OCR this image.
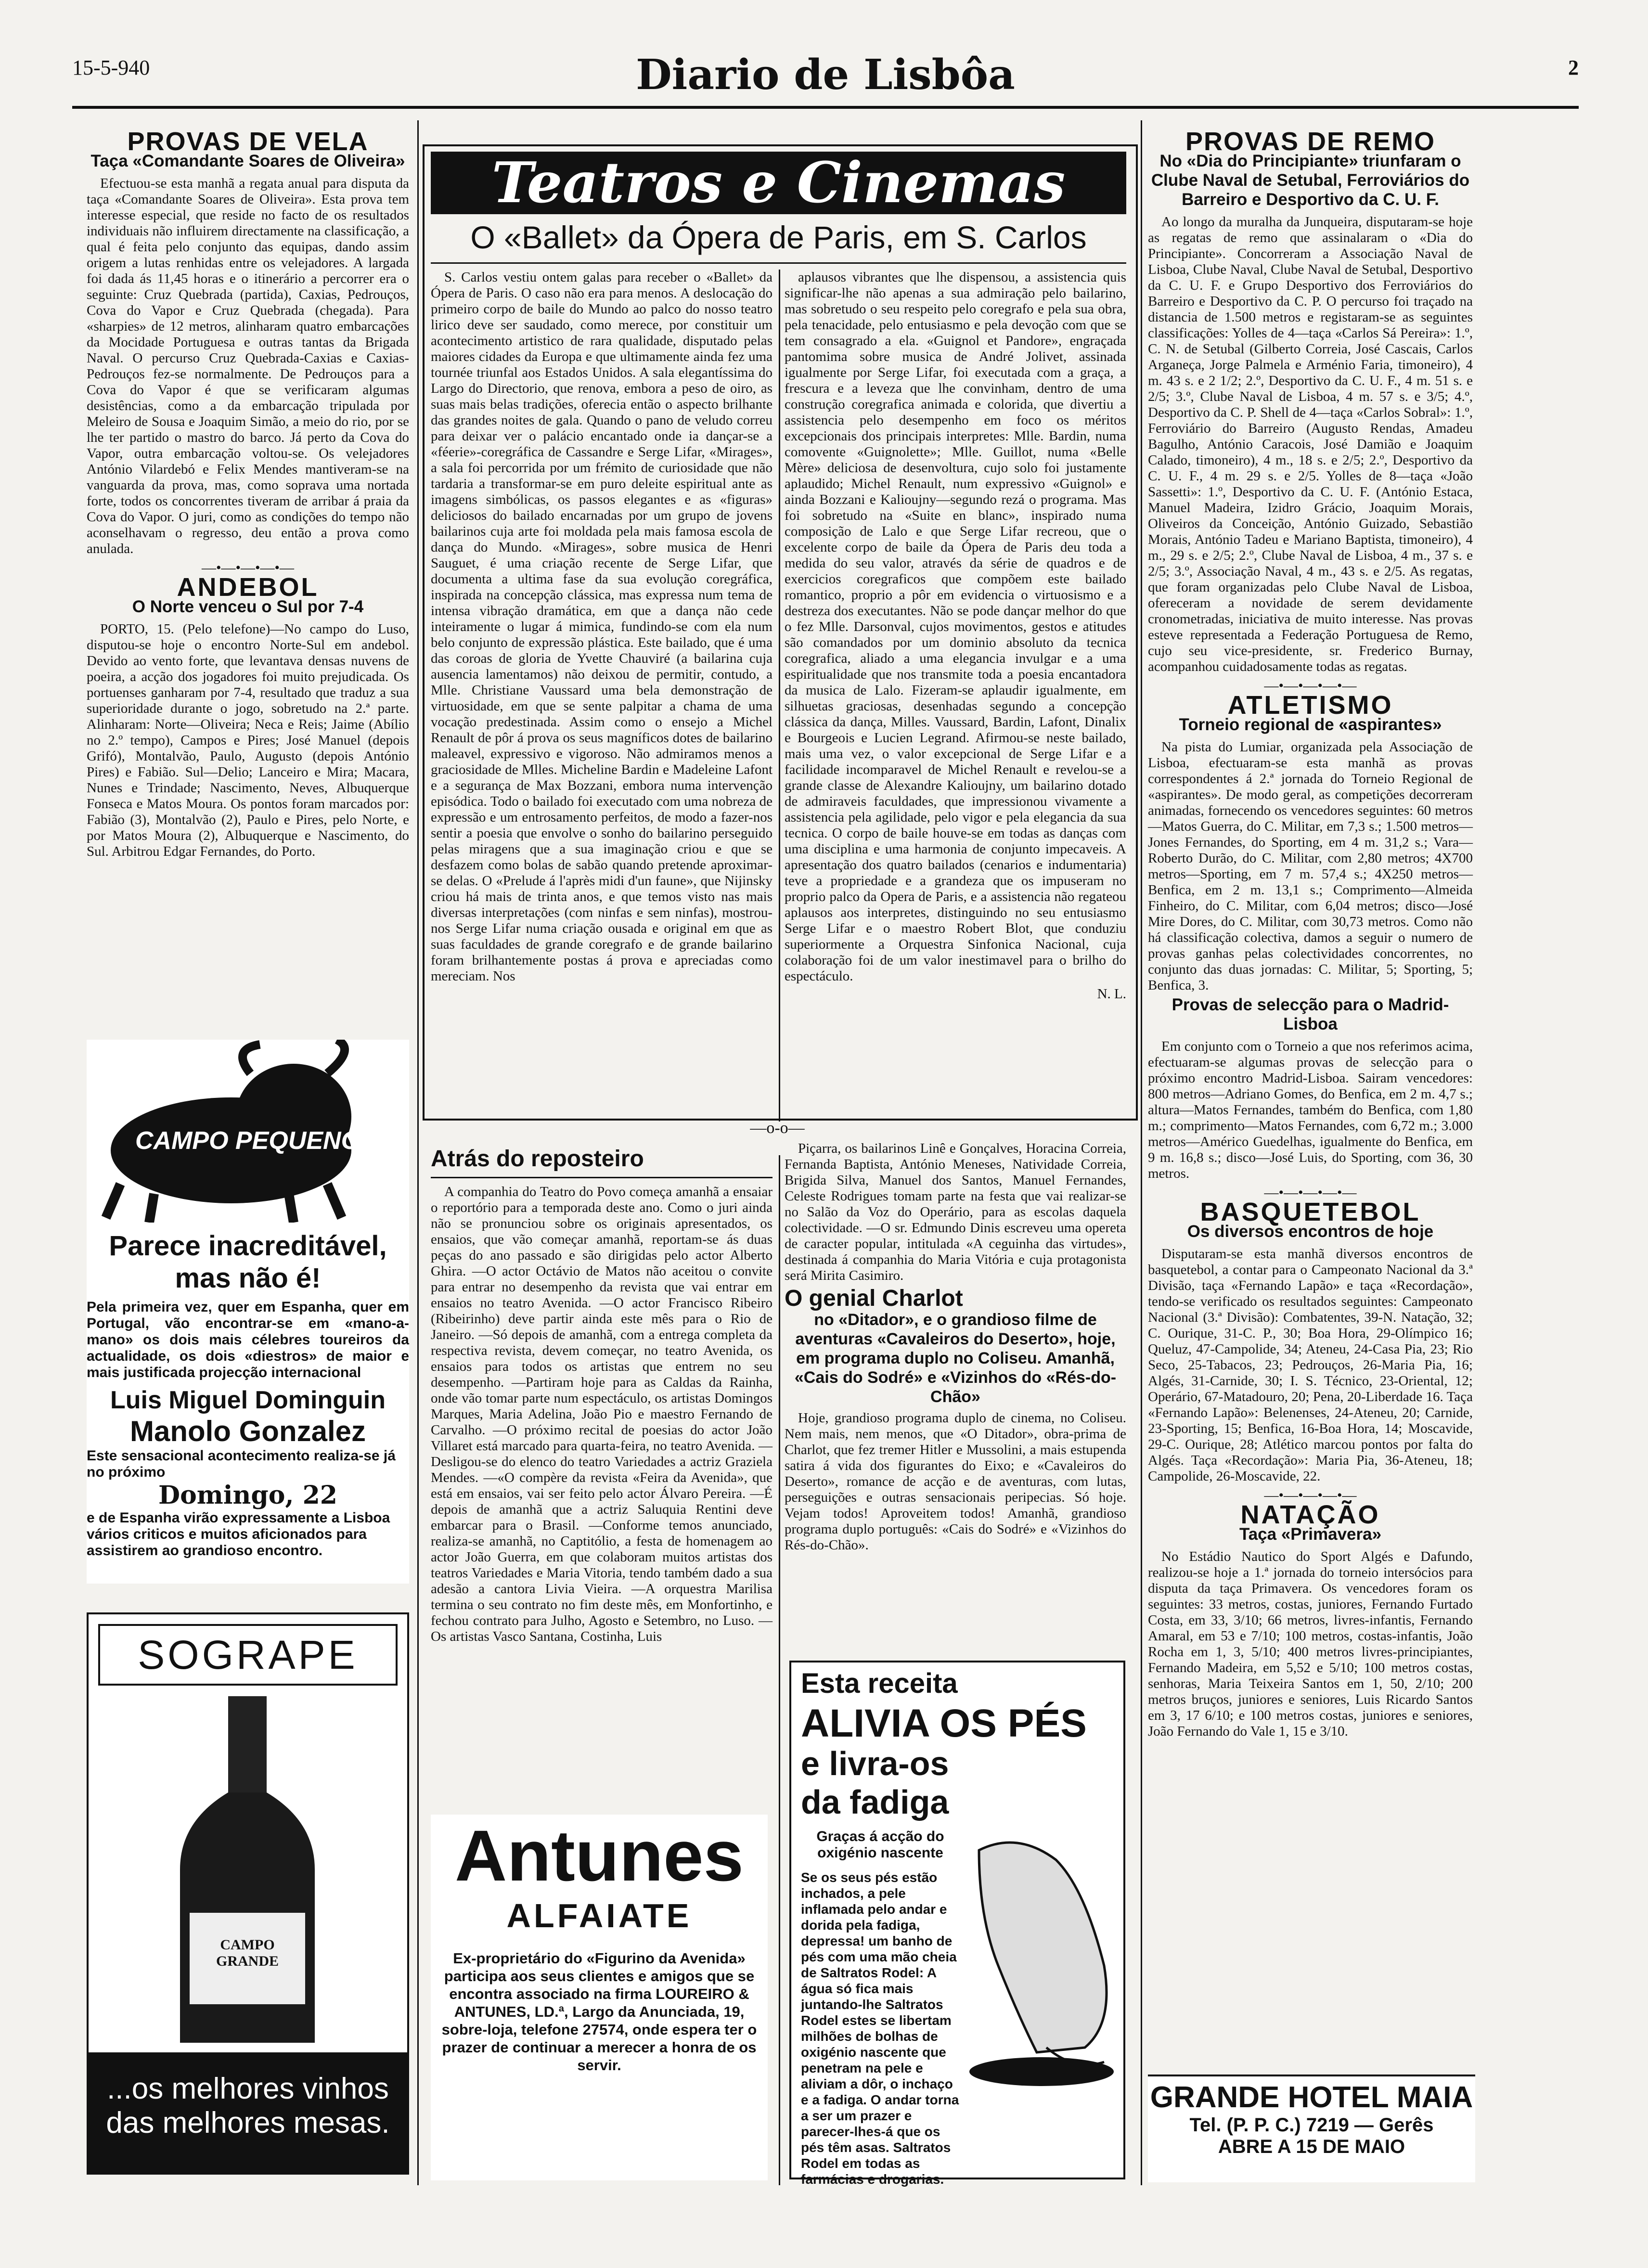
15-5-940	Diario de Lisbôa	2
PROVAS DE VELA
Taça «Comandante Soares de Oliveira»

Efectuou-se esta manhã a regata anual para disputa da taça «Comandante Soares de Oliveira». Esta prova tem interesse especial, que reside no facto de os resultados individuais não influirem directamente na classificação, a qual é feita pelo conjunto das equipas, dando assim origem a lutas renhidas entre os velejadores. A largada foi dada ás 11,45 horas e o itinerário a percorrer era o seguinte: Cruz Quebrada (partida), Caxias, Pedrouços, Cova do Vapor e Cruz Quebrada (chegada). Para «sharpies» de 12 metros, alinharam quatro embarcações da Mocidade Portuguesa e outras tantas da Brigada Naval. O percurso Cruz Quebrada-Caxias e Caxias-Pedrouços fez-se normalmente. De Pedrouços para a Cova do Vapor é que se verificaram algumas desistências, como a da embarcação tripulada por Meleiro de Sousa e Joaquim Simão, a meio do rio, por se lhe ter partido o mastro do barco. Já perto da Cova do Vapor, outra embarcação voltou-se. Os velejadores António Vilardebó e Felix Mendes mantiveram-se na vanguarda da prova, mas, como soprava uma nortada forte, todos os concorrentes tiveram de arribar á praia da Cova do Vapor. O juri, como as condições do tempo não aconselhavam o regresso, deu então a prova como anulada.

—•—•—•—•—
ANDEBOL
O Norte venceu o Sul por 7-4

PORTO, 15. (Pelo telefone)—No campo do Luso, disputou-se hoje o encontro Norte-Sul em andebol. Devido ao vento forte, que levantava densas nuvens de poeira, a acção dos jogadores foi muito prejudicada. Os portuenses ganharam por 7-4, resultado que traduz a sua superioridade durante o jogo, sobretudo na 2.ª parte. Alinharam: Norte—Oliveira; Neca e Reis; Jaime (Abílio no 2.º tempo), Campos e Pires; José Manuel (depois Grifó), Montalvão, Paulo, Augusto (depois António Pires) e Fabião. Sul—Delio; Lanceiro e Mira; Macara, Nunes e Trindade; Nascimento, Neves, Albuquerque Fonseca e Matos Moura. Os pontos foram marcados por: Fabião (3), Montalvão (2), Paulo e Pires, pelo Norte, e por Matos Moura (2), Albuquerque e Nascimento, do Sul. Arbitrou Edgar Fernandes, do Porto.

CAMPO PEQUENO
Parece inacreditável, mas não é!
Pela primeira vez, quer em Espanha, quer em Portugal, vão encontrar-se em «mano-a-mano» os dois mais célebres toureiros da actualidade, os dois «diestros» de maior e mais justificada projecção internacional
Luis Miguel Dominguin
Manolo Gonzalez
Este sensacional acontecimento realiza-se já no próximo
Domingo, 22
e de Espanha virão expressamente a Lisboa vários criticos e muitos aficionados para assistirem ao grandioso encontro.
SOGRAPE
CAMPO GRANDE
...os melhores vinhos
das melhores mesas.
Teatros e Cinemas
O «Ballet» da Ópera de Paris, em S. Carlos

S. Carlos vestiu ontem galas para receber o «Ballet» da Ópera de Paris. O caso não era para menos. A deslocação do primeiro corpo de baile do Mundo ao palco do nosso teatro lirico deve ser saudado, como merece, por constituir um acontecimento artistico de rara qualidade, disputado pelas maiores cidades da Europa e que ultimamente ainda fez uma tournée triunfal aos Estados Unidos. A sala elegantíssima do Largo do Directorio, que renova, embora a peso de oiro, as suas mais belas tradições, oferecia então o aspecto brilhante das grandes noites de gala. Quando o pano de veludo correu para deixar ver o palácio encantado onde ia dançar-se a «féerie»-coregráfica de Cassandre e Serge Lifar, «Mirages», a sala foi percorrida por um frémito de curiosidade que não tardaria a transformar-se em puro deleite espiritual ante as imagens simbólicas, os passos elegantes e as «figuras» deliciosos do bailado encarnadas por um grupo de jovens bailarinos cuja arte foi moldada pela mais famosa escola de dança do Mundo. «Mirages», sobre musica de Henri Sauguet, é uma criação recente de Serge Lifar, que documenta a ultima fase da sua evolução coregráfica, inspirada na concepção clássica, mas expressa num tema de intensa vibração dramática, em que a dança não cede inteiramente o lugar á mimica, fundindo-se com ela num belo conjunto de expressão plástica. Este bailado, que é uma das coroas de gloria de Yvette Chauviré (a bailarina cuja ausencia lamentamos) não deixou de permitir, contudo, a Mlle. Christiane Vaussard uma bela demonstração de virtuosidade, em que se sente palpitar a chama de uma vocação predestinada. Assim como o ensejo a Michel Renault de pôr á prova os seus magníficos dotes de bailarino maleavel, expressivo e vigoroso. Não admiramos menos a graciosidade de Mlles. Micheline Bardin e Madeleine Lafont e a segurança de Max Bozzani, embora numa intervenção episódica. Todo o bailado foi executado com uma nobreza de expressão e um entrosamento perfeitos, de modo a fazer-nos sentir a poesia que envolve o sonho do bailarino perseguido pelas miragens que a sua imaginação criou e que se desfazem como bolas de sabão quando pretende aproximar-se delas. O «Prelude á l'après midi d'un faune», que Nijinsky criou há mais de trinta anos, e que temos visto nas mais diversas interpretações (com ninfas e sem ninfas), mostrou-nos Serge Lifar numa criação ousada e original em que as suas faculdades de grande coregrafo e de grande bailarino foram brilhantemente postas á prova e apreciadas como mereciam. Nos

aplausos vibrantes que lhe dispensou, a assistencia quis significar-lhe não apenas a sua admiração pelo bailarino, mas sobretudo o seu respeito pelo coregrafo e pela sua obra, pela tenacidade, pelo entusiasmo e pela devoção com que se tem consagrado a ela. «Guignol et Pandore», engraçada pantomima sobre musica de André Jolivet, assinada igualmente por Serge Lifar, foi executada com a graça, a frescura e a leveza que lhe convinham, dentro de uma construção coregrafica animada e colorida, que divertiu a assistencia pelo desempenho em foco os méritos excepcionais dos principais interpretes: Mlle. Bardin, numa comovente «Guignolette»; Mlle. Guillot, numa «Belle Mère» deliciosa de desenvoltura, cujo solo foi justamente aplaudido; Michel Renault, num expressivo «Guignol» e ainda Bozzani e Kalioujny—segundo rezá o programa. Mas foi sobretudo na «Suite en blanc», inspirado numa composição de Lalo e que Serge Lifar recreou, que o excelente corpo de baile da Ópera de Paris deu toda a medida do seu valor, através da série de quadros e de exercicios coregraficos que compõem este bailado romantico, proprio a pôr em evidencia o virtuosismo e a destreza dos executantes. Não se pode dançar melhor do que o fez Mlle. Darsonval, cujos movimentos, gestos e atitudes são comandados por um dominio absoluto da tecnica coregrafica, aliado a uma elegancia invulgar e a uma espiritualidade que nos transmite toda a poesia encantadora da musica de Lalo. Fizeram-se aplaudir igualmente, em silhuetas graciosas, desenhadas segundo a concepção clássica da dança, Milles. Vaussard, Bardin, Lafont, Dinalix e Bourgeois e Lucien Legrand. Afirmou-se neste bailado, mais uma vez, o valor excepcional de Serge Lifar e a facilidade incomparavel de Michel Renault e revelou-se a grande classe de Alexandre Kalioujny, um bailarino dotado de admiraveis faculdades, que impressionou vivamente a assistencia pela agilidade, pelo vigor e pela elegancia da sua tecnica. O corpo de baile houve-se em todas as danças com uma disciplina e uma harmonia de conjunto impecaveis. A apresentação dos quatro bailados (cenarios e indumentaria) teve a propriedade e a grandeza que os impuseram no proprio palco da Opera de Paris, e a assistencia não regateou aplausos aos interpretes, distinguindo no seu entusiasmo Serge Lifar e o maestro Robert Blot, que conduziu superiormente a Orquestra Sinfonica Nacional, cuja colaboração foi de um valor inestimavel para o brilho do espectáculo.

N. L.
—o-o—
Atrás do reposteiro

A companhia do Teatro do Povo começa amanhã a ensaiar o reportório para a temporada deste ano. Como o juri ainda não se pronunciou sobre os originais apresentados, os ensaios, que vão começar amanhã, reportam-se ás duas peças do ano passado e são dirigidas pelo actor Alberto Ghira. —O actor Octávio de Matos não aceitou o convite para entrar no desempenho da revista que vai entrar em ensaios no teatro Avenida. —O actor Francisco Ribeiro (Ribeirinho) deve partir ainda este mês para o Rio de Janeiro. —Só depois de amanhã, com a entrega completa da respectiva revista, devem começar, no teatro Avenida, os ensaios para todos os artistas que entrem no seu desempenho. —Partiram hoje para as Caldas da Rainha, onde vão tomar parte num espectáculo, os artistas Domingos Marques, Maria Adelina, João Pio e maestro Fernando de Carvalho. —O próximo recital de poesias do actor João Villaret está marcado para quarta-feira, no teatro Avenida. —Desligou-se do elenco do teatro Variedades a actriz Graziela Mendes. —«O compère da revista «Feira da Avenida», que está em ensaios, vai ser feito pelo actor Álvaro Pereira. —É depois de amanhã que a actriz Saluquia Rentini deve embarcar para o Brasil. —Conforme temos anunciado, realiza-se amanhã, no Captitólio, a festa de homenagem ao actor João Guerra, em que colaboram muitos artistas dos teatros Variedades e Maria Vitoria, tendo também dado a sua adesão a cantora Livia Vieira. —A orquestra Marilisa termina o seu contrato no fim deste mês, em Monfortinho, e fechou contrato para Julho, Agosto e Setembro, no Luso. —Os artistas Vasco Santana, Costinha, Luis

Piçarra, os bailarinos Linê e Gonçalves, Horacina Correia, Fernanda Baptista, António Meneses, Natividade Correia, Brigida Silva, Manuel dos Santos, Manuel Fernandes, Celeste Rodrigues tomam parte na festa que vai realizar-se no Salão da Voz do Operário, para as escolas daquela colectividade. —O sr. Edmundo Dinis escreveu uma opereta de caracter popular, intitulada «A ceguinha das virtudes», destinada á companhia do Maria Vitória e cuja protagonista será Mirita Casimiro.

O genial Charlot
no «Ditador», e o grandioso filme de aventuras «Cavaleiros do Deserto», hoje, em programa duplo no Coliseu. Amanhã, «Cais do Sodré» e «Vizinhos do «Rés-do-Chão»

Hoje, grandioso programa duplo de cinema, no Coliseu. Nem mais, nem menos, que «O Ditador», obra-prima de Charlot, que fez tremer Hitler e Mussolini, a mais estupenda satira á vida dos figurantes do Eixo; e «Cavaleiros do Deserto», romance de acção e de aventuras, com lutas, perseguições e outras sensacionais peripecias. Só hoje. Vejam todos! Aproveitem todos! Amanhã, grandioso programa duplo português: «Cais do Sodré» e «Vizinhos do Rés-do-Chão».

Antunes
ALFAIATE
Ex-proprietário do «Figurino da Avenida» participa aos seus clientes e amigos que se encontra associado na firma LOUREIRO & ANTUNES, LD.ª, Largo da Anunciada, 19, sobre-loja, telefone 27574, onde espera ter o prazer de continuar a merecer a honra de os servir.
Esta receita
ALIVIA OS PÉS
e livra-os
da fadiga
Graças á acção do oxigénio nascente
Se os seus pés estão inchados, a pele inflamada pelo andar e dorida pela fadiga, depressa! um banho de pés com uma mão cheia de Saltratos Rodel: A água só fica mais juntando-lhe Saltratos Rodel estes se libertam milhões de bolhas de oxigénio nascente que penetram na pele e aliviam a dôr, o inchaço e a fadiga. O andar torna a ser um prazer e parecer-lhes-á que os pés têm asas. Saltratos Rodel em todas as farmácias e drogarias.
PROVAS DE REMO
No «Dia do Principiante» triunfaram o Clube Naval de Setubal, Ferroviários do Barreiro e Desportivo da C. U. F.

Ao longo da muralha da Junqueira, disputaram-se hoje as regatas de remo que assinalaram o «Dia do Principiante». Concorreram a Associação Naval de Lisboa, Clube Naval, Clube Naval de Setubal, Desportivo da C. U. F. e Grupo Desportivo dos Ferroviários do Barreiro e Desportivo da C. P. O percurso foi traçado na distancia de 1.500 metros e registaram-se as seguintes classificações: Yolles de 4—taça «Carlos Sá Pereira»: 1.º, C. N. de Setubal (Gilberto Correia, José Cascais, Carlos Arganeça, Jorge Palmela e Arménio Faria, timoneiro), 4 m. 43 s. e 2 1/2; 2.º, Desportivo da C. U. F., 4 m. 51 s. e 2/5; 3.º, Clube Naval de Lisboa, 4 m. 57 s. e 3/5; 4.º, Desportivo da C. P. Shell de 4—taça «Carlos Sobral»: 1.º, Ferroviário do Barreiro (Augusto Rendas, Amadeu Bagulho, António Caracois, José Damião e Joaquim Calado, timoneiro), 4 m., 18 s. e 2/5; 2.º, Desportivo da C. U. F., 4 m. 29 s. e 2/5. Yolles de 8—taça «João Sassetti»: 1.º, Desportivo da C. U. F. (António Estaca, Manuel Madeira, Izidro Grácio, Joaquim Morais, Oliveiros da Conceição, António Guizado, Sebastião Morais, António Tadeu e Mariano Baptista, timoneiro), 4 m., 29 s. e 2/5; 2.º, Clube Naval de Lisboa, 4 m., 37 s. e 2/5; 3.º, Associação Naval, 4 m., 43 s. e 2/5. As regatas, que foram organizadas pelo Clube Naval de Lisboa, ofereceram a novidade de serem devidamente cronometradas, iniciativa de muito interesse. Nas provas esteve representada a Federação Portuguesa de Remo, cujo seu vice-presidente, sr. Frederico Burnay, acompanhou cuidadosamente todas as regatas.

—•—•—•—•—
ATLETISMO
Torneio regional de «aspirantes»

Na pista do Lumiar, organizada pela Associação de Lisboa, efectuaram-se esta manhã as provas correspondentes á 2.ª jornada do Torneio Regional de «aspirantes». De modo geral, as competições decorreram animadas, fornecendo os vencedores seguintes: 60 metros—Matos Guerra, do C. Militar, em 7,3 s.; 1.500 metros—Jones Fernandes, do Sporting, em 4 m. 31,2 s.; Vara—Roberto Durão, do C. Militar, com 2,80 metros; 4X700 metros—Sporting, em 7 m. 57,4 s.; 4X250 metros—Benfica, em 2 m. 13,1 s.; Comprimento—Almeida Finheiro, do C. Militar, com 6,04 metros; disco—José Mire Dores, do C. Militar, com 30,73 metros. Como não há classificação colectiva, damos a seguir o numero de provas ganhas pelas colectividades concorrentes, no conjunto das duas jornadas: C. Militar, 5; Sporting, 5; Benfica, 3.

Provas de selecção para o Madrid-Lisboa

Em conjunto com o Torneio a que nos referimos acima, efectuaram-se algumas provas de selecção para o próximo encontro Madrid-Lisboa. Sairam vencedores: 800 metros—Adriano Gomes, do Benfica, em 2 m. 4,7 s.; altura—Matos Fernandes, também do Benfica, com 1,80 m.; comprimento—Matos Fernandes, com 6,72 m.; 3.000 metros—Américo Guedelhas, igualmente do Benfica, em 9 m. 16,8 s.; disco—José Luis, do Sporting, com 36, 30 metros.

—•—•—•—•—
BASQUETEBOL
Os diversos encontros de hoje

Disputaram-se esta manhã diversos encontros de basquetebol, a contar para o Campeonato Nacional da 3.ª Divisão, taça «Fernando Lapão» e taça «Recordação», tendo-se verificado os resultados seguintes: Campeonato Nacional (3.ª Divisão): Combatentes, 39-N. Natação, 32; C. Ourique, 31-C. P., 30; Boa Hora, 29-Olímpico 16; Queluz, 47-Campolide, 34; Ateneu, 24-Casa Pia, 23; Rio Seco, 25-Tabacos, 23; Pedrouços, 26-Maria Pia, 16; Algés, 31-Carnide, 30; I. S. Técnico, 23-Oriental, 12; Operário, 67-Matadouro, 20; Pena, 20-Liberdade 16. Taça «Fernando Lapão»: Belenenses, 24-Ateneu, 20; Carnide, 23-Sporting, 15; Benfica, 16-Boa Hora, 14; Moscavide, 29-C. Ourique, 28; Atlético marcou pontos por falta do Algés. Taça «Recordação»: Maria Pia, 36-Ateneu, 18; Campolide, 26-Moscavide, 22.

—•—•—•—•—
NATAÇÃO
Taça «Primavera»

No Estádio Nautico do Sport Algés e Dafundo, realizou-se hoje a 1.ª jornada do torneio intersócios para disputa da taça Primavera. Os vencedores foram os seguintes: 33 metros, costas, juniores, Fernando Furtado Costa, em 33, 3/10; 66 metros, livres-infantis, Fernando Amaral, em 53 e 7/10; 100 metros, costas-infantis, João Rocha em 1, 3, 5/10; 400 metros livres-principiantes, Fernando Madeira, em 5,52 e 5/10; 100 metros costas, senhoras, Maria Teixeira Santos em 1, 50, 2/10; 200 metros bruços, juniores e seniores, Luis Ricardo Santos em 3, 17 6/10; e 100 metros costas, juniores e seniores, João Fernando do Vale 1, 15 e 3/10.

GRANDE HOTEL MAIA
Tel. (P. P. C.) 7219 — Gerês
ABRE A 15 DE MAIO
